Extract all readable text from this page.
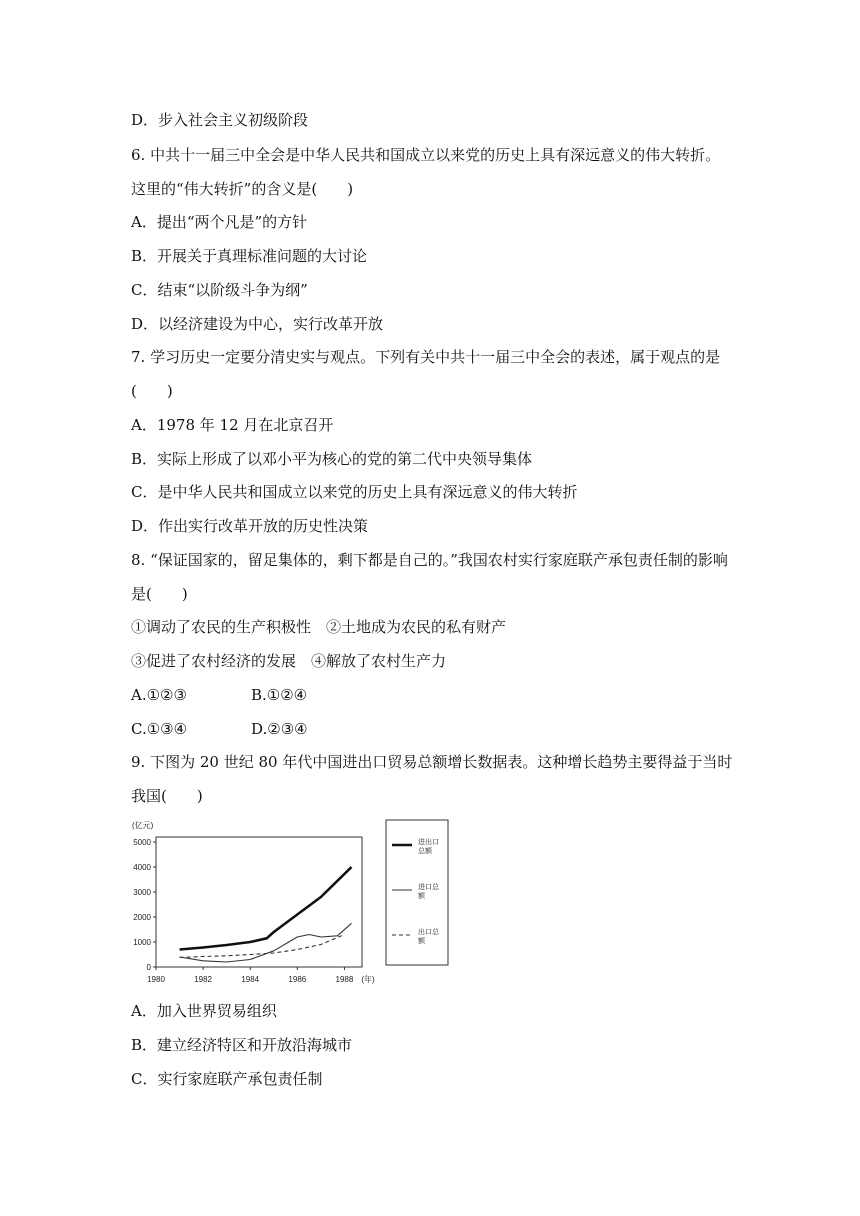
D．步入社会主义初级阶段
6. 中共十一届三中全会是中华人民共和国成立以来党的历史上具有深远意义的伟大转折。
这里的“伟大转折”的含义是(　　)
A．提出“两个凡是”的方针
B．开展关于真理标准问题的大讨论
C．结束“以阶级斗争为纲”
D．以经济建设为中心，实行改革开放
7. 学习历史一定要分清史实与观点。下列有关中共十一届三中全会的表述，属于观点的是
(　　)
A．1978 年 12 月在北京召开
B．实际上形成了以邓小平为核心的党的第二代中央领导集体
C．是中华人民共和国成立以来党的历史上具有深远意义的伟大转折
D．作出实行改革开放的历史性决策
8. “保证国家的，留足集体的，剩下都是自己的。”我国农村实行家庭联产承包责任制的影响
是(　　)
①调动了农民的生产积极性　②土地成为农民的私有财产
③促进了农村经济的发展　④解放了农村生产力
A.①②③	B.①②④
C.①③④	D.②③④
9. 下图为 20 世纪 80 年代中国进出口贸易总额增长数据表。这种增长趋势主要得益于当时
我国(　　)
0
1000
2000
3000
4000
5000
1980	1982	1984	1986	1988
(亿元)
(年)
进出口
总额
进口总
额
出口总
额
A．加入世界贸易组织
B．建立经济特区和开放沿海城市
C．实行家庭联产承包责任制
